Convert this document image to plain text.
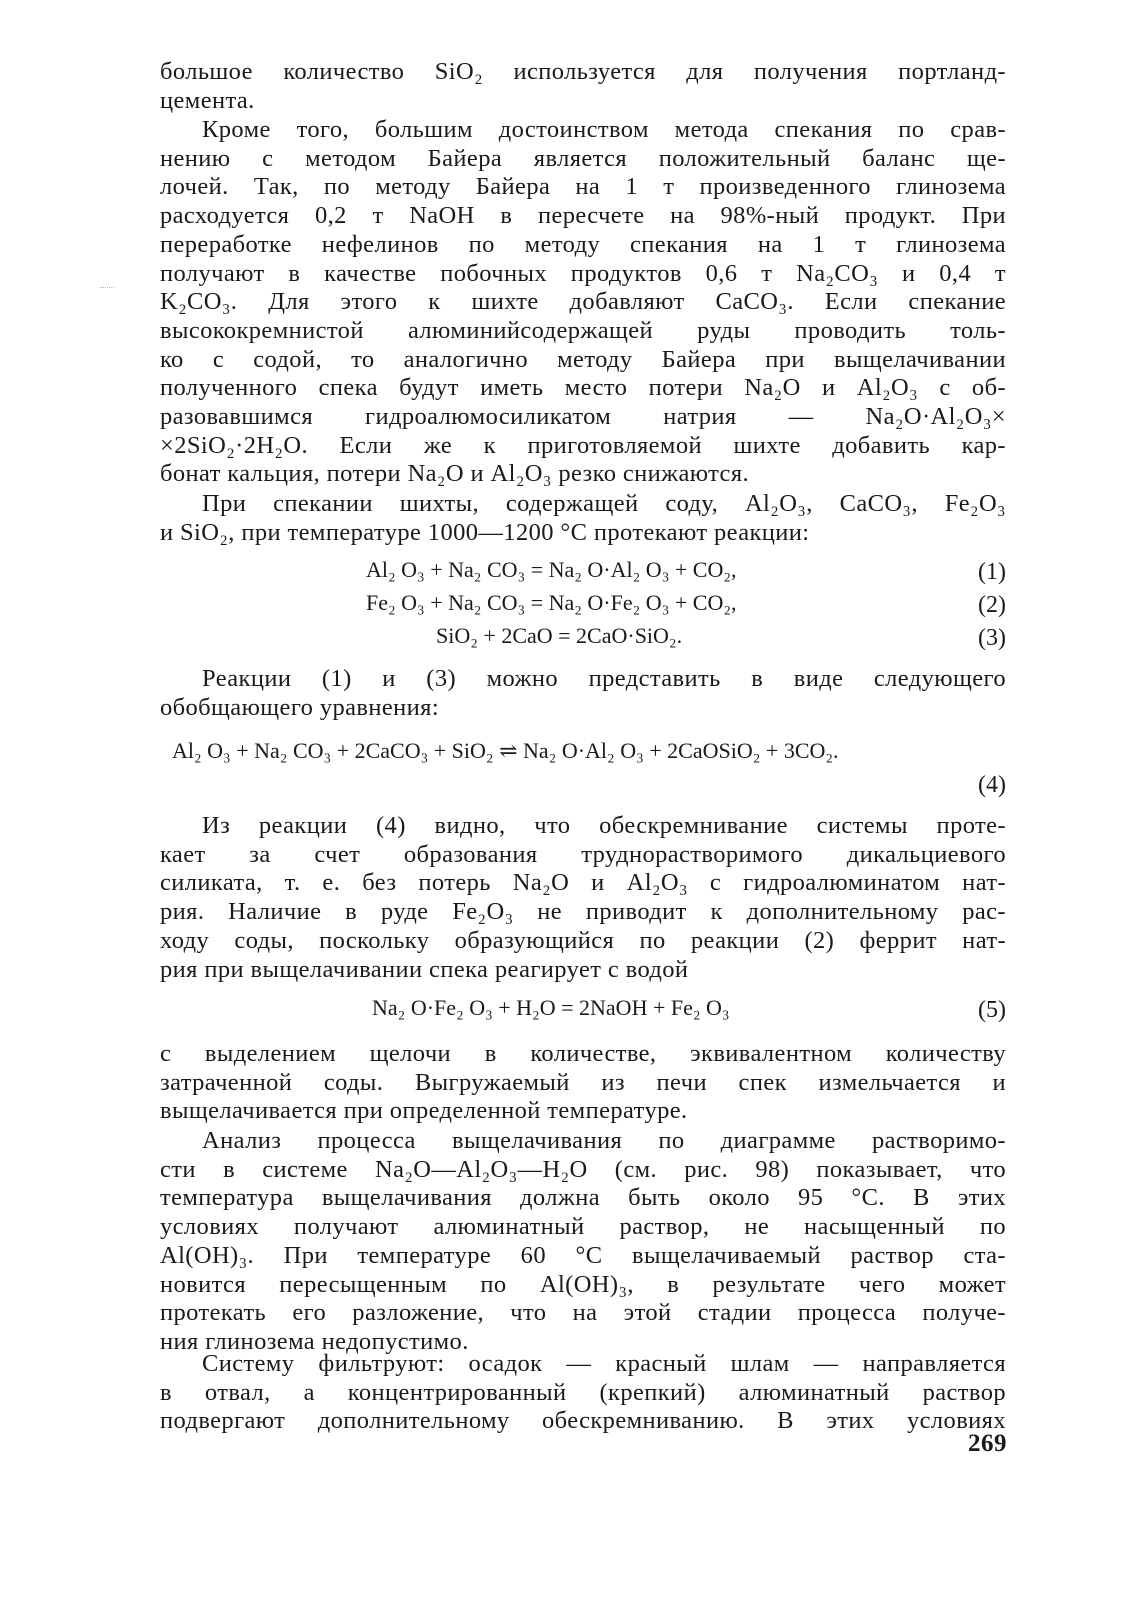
большое количество SiO₂ используется для получения портланд-
цемента.
Кроме того, большим достоинством метода спекания по срав-
нению с методом Байера является положительный баланс ще-
лочей. Так, по методу Байера на 1 т произведенного глинозема
расходуется 0,2 т NaOH в пересчете на 98%-ный продукт. При
переработке нефелинов по методу спекания на 1 т глинозема
получают в качестве побочных продуктов 0,6 т Na₂CO₃ и 0,4 т
K₂CO₃. Для этого к шихте добавляют CaCO₃. Если спекание
высококремнистой алюминийсодержащей руды проводить толь-
ко с содой, то аналогично методу Байера при выщелачивании
полученного спека будут иметь место потери Na₂O и Al₂O₃ с об-
разовавшимся гидроалюмосиликатом натрия — Na₂O·Al₂O₃×
×2SiO₂·2H₂O. Если же к приготовляемой шихте добавить кар-
бонат кальция, потери Na₂O и Al₂O₃ резко снижаются.
При спекании шихты, содержащей соду, Al₂O₃, CaCO₃, Fe₂O₃
и SiO₂, при температуре 1000—1200 °C протекают реакции:
Al₂ O₃ + Na₂ CO₃ = Na₂ O·Al₂ O₃ + CO₂,	(1)
Fe₂ O₃ + Na₂ CO₃ = Na₂ O·Fe₂ O₃ + CO₂,	(2)
SiO₂ + 2CaO = 2CaO·SiO₂.	(3)
Реакции (1) и (3) можно представить в виде следующего
обобщающего уравнения:
Al₂ O₃ + Na₂ CO₃ + 2CaCO₃ + SiO₂ ⇌ Na₂ O·Al₂ O₃ + 2CaOSiO₂ + 3CO₂.
(4)
Из реакции (4) видно, что обескремнивание системы проте-
кает за счет образования труднорастворимого дикальциевого
силиката, т. е. без потерь Na₂O и Al₂O₃ с гидроалюминатом нат-
рия. Наличие в руде Fe₂O₃ не приводит к дополнительному рас-
ходу соды, поскольку образующийся по реакции (2) феррит нат-
рия при выщелачивании спека реагирует с водой
Na₂ O·Fe₂ O₃ + H₂O = 2NaOH + Fe₂ O₃	(5)
с выделением щелочи в количестве, эквивалентном количеству
затраченной соды. Выгружаемый из печи спек измельчается и
выщелачивается при определенной температуре.
Анализ процесса выщелачивания по диаграмме растворимо-
сти в системе Na₂O—Al₂O₃—H₂O (см. рис. 98) показывает, что
температура выщелачивания должна быть около 95 °C. В этих
условиях получают алюминатный раствор, не насыщенный по
Al(OH)₃. При температуре 60 °C выщелачиваемый раствор ста-
новится пересыщенным по Al(OH)₃, в результате чего может
протекать его разложение, что на этой стадии процесса получе-
ния глинозема недопустимо.
Систему фильтруют: осадок — красный шлам — направляется
в отвал, а концентрированный (крепкий) алюминатный раствор
подвергают дополнительному обескремниванию. В этих условиях
269
